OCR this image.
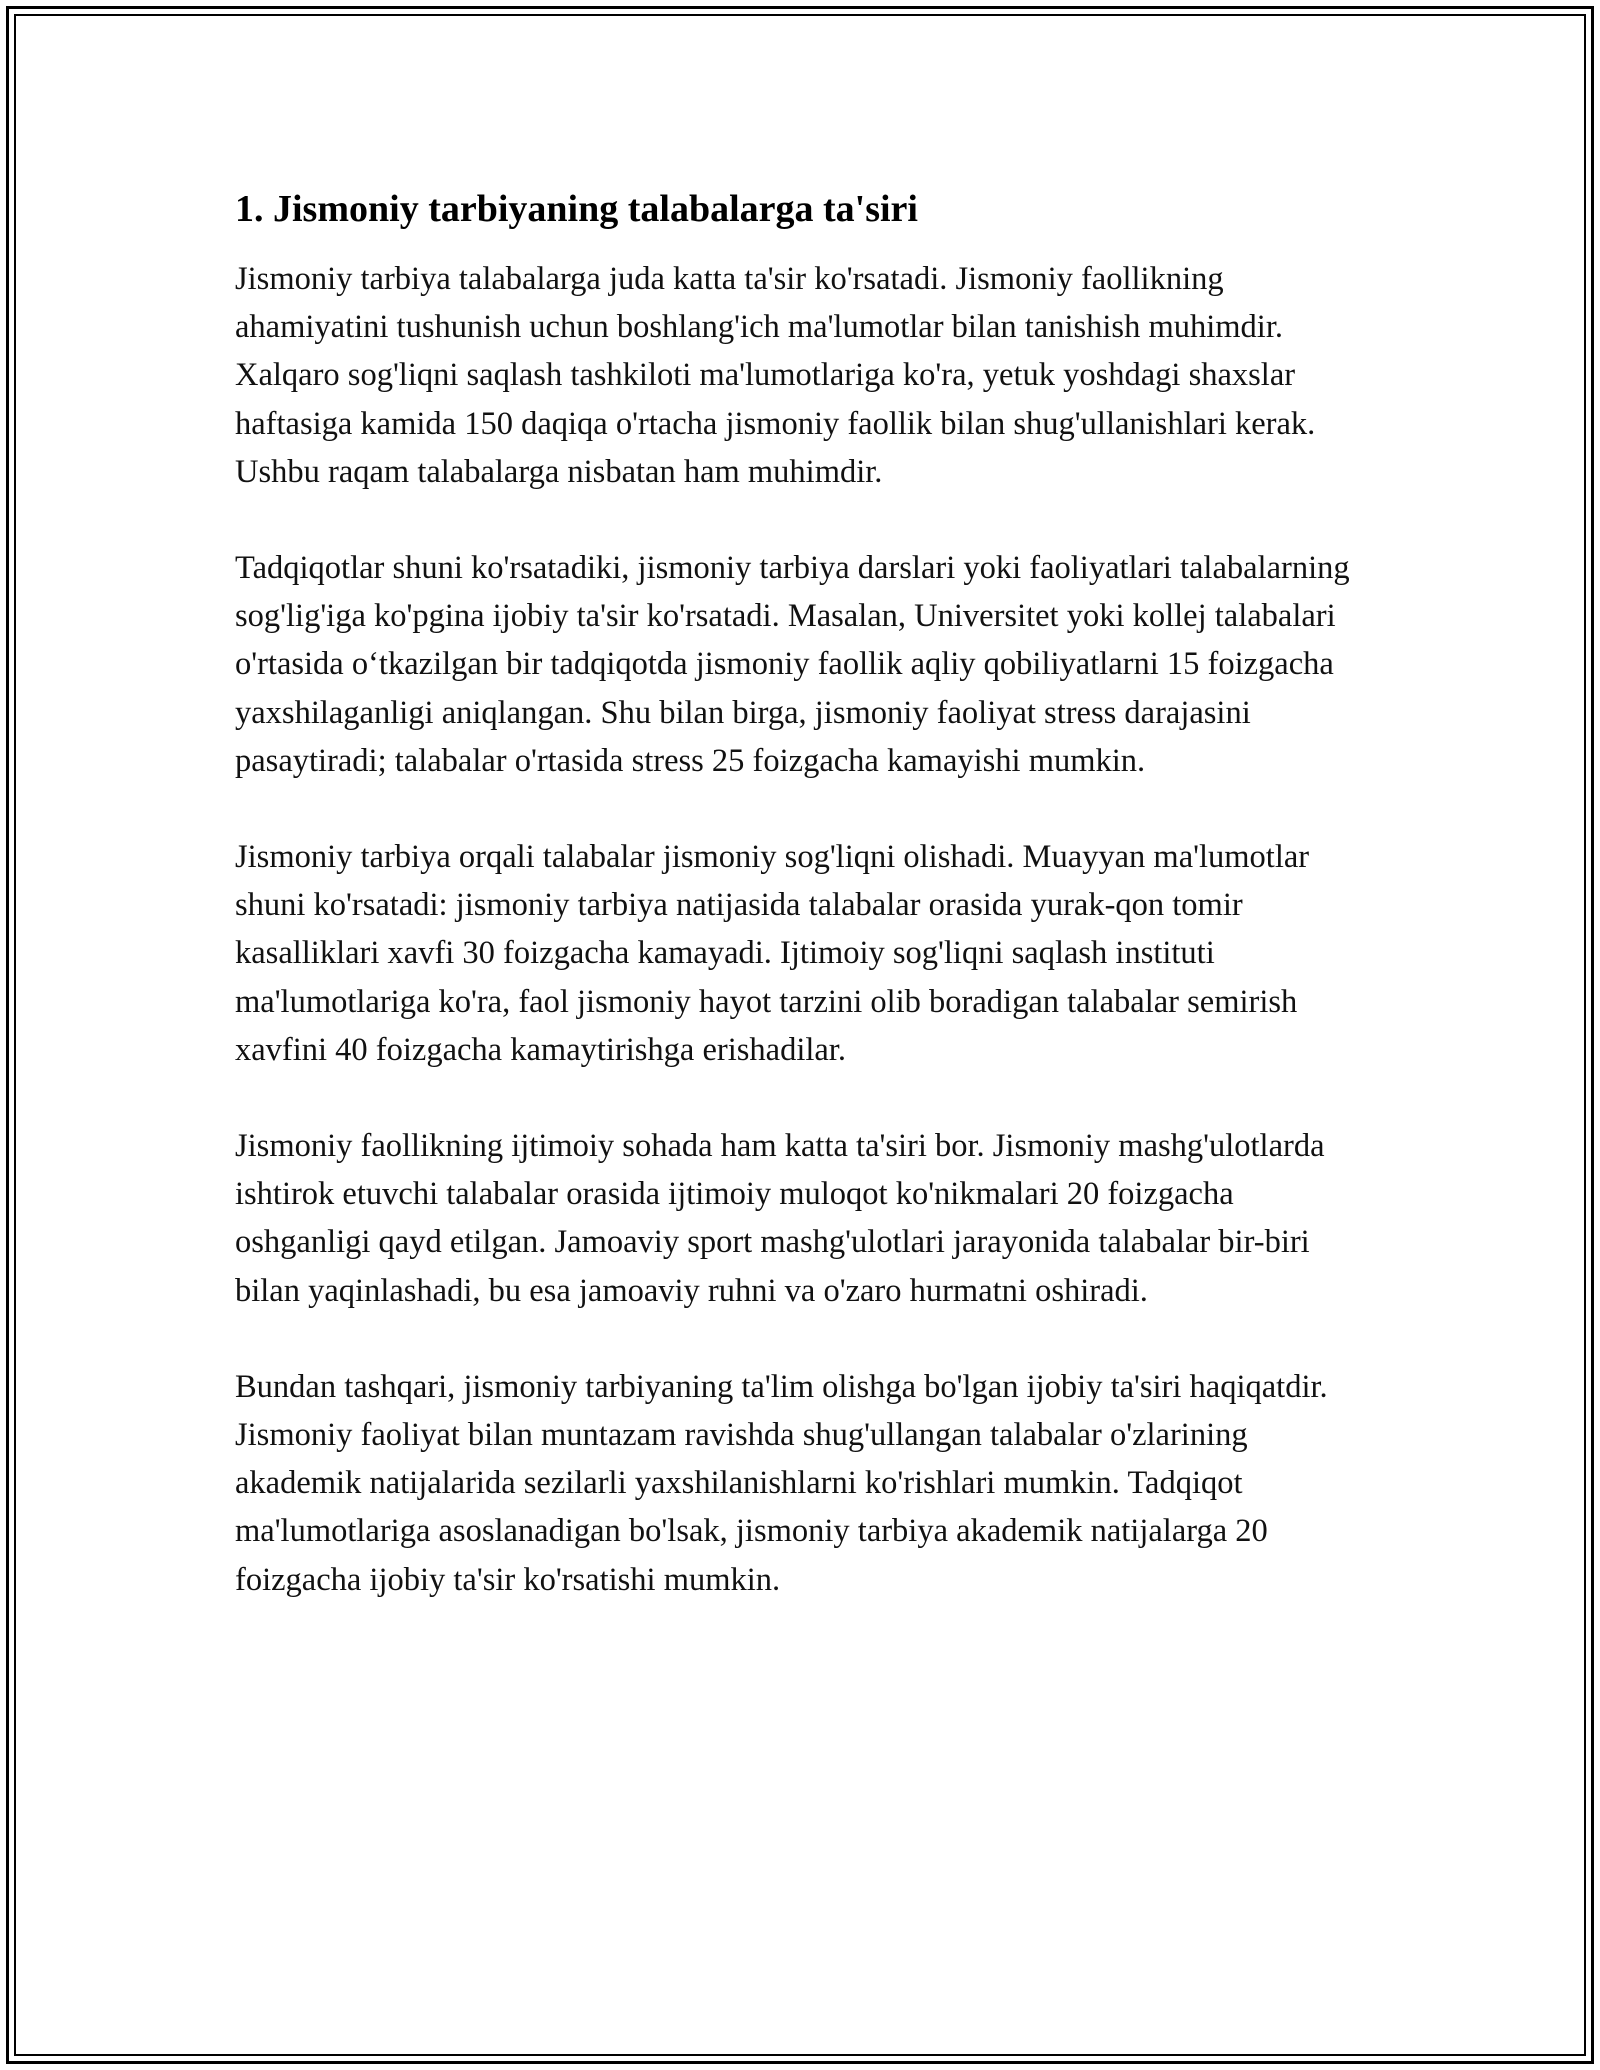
1. Jismoniy tarbiyaning talabalarga ta'siri

Jismoniy tarbiya talabalarga juda katta ta'sir ko'rsatadi. Jismoniy faollikning ahamiyatini tushunish uchun boshlang'ich ma'lumotlar bilan tanishish muhimdir. Xalqaro sog'liqni saqlash tashkiloti ma'lumotlariga ko'ra, yetuk yoshdagi shaxslar haftasiga kamida 150 daqiqa o'rtacha jismoniy faollik bilan shug'ullanishlari kerak. Ushbu raqam talabalarga nisbatan ham muhimdir.

Tadqiqotlar shuni ko'rsatadiki, jismoniy tarbiya darslari yoki faoliyatlari talabalarning sog'lig'iga ko'pgina ijobiy ta'sir ko'rsatadi. Masalan, Universitet yoki kollej talabalari o'rtasida o‘tkazilgan bir tadqiqotda jismoniy faollik aqliy qobiliyatlarni 15 foizgacha yaxshilaganligi aniqlangan. Shu bilan birga, jismoniy faoliyat stress darajasini pasaytiradi; talabalar o'rtasida stress 25 foizgacha kamayishi mumkin.

Jismoniy tarbiya orqali talabalar jismoniy sog'liqni olishadi. Muayyan ma'lumotlar shuni ko'rsatadi: jismoniy tarbiya natijasida talabalar orasida yurak-qon tomir kasalliklari xavfi 30 foizgacha kamayadi. Ijtimoiy sog'liqni saqlash instituti ma'lumotlariga ko'ra, faol jismoniy hayot tarzini olib boradigan talabalar semirish xavfini 40 foizgacha kamaytirishga erishadilar.

Jismoniy faollikning ijtimoiy sohada ham katta ta'siri bor. Jismoniy mashg'ulotlarda ishtirok etuvchi talabalar orasida ijtimoiy muloqot ko'nikmalari 20 foizgacha oshganligi qayd etilgan. Jamoaviy sport mashg'ulotlari jarayonida talabalar bir-biri bilan yaqinlashadi, bu esa jamoaviy ruhni va o'zaro hurmatni oshiradi.

Bundan tashqari, jismoniy tarbiyaning ta'lim olishga bo'lgan ijobiy ta'siri haqiqatdir. Jismoniy faoliyat bilan muntazam ravishda shug'ullangan talabalar o'zlarining akademik natijalarida sezilarli yaxshilanishlarni ko'rishlari mumkin. Tadqiqot ma'lumotlariga asoslanadigan bo'lsak, jismoniy tarbiya akademik natijalarga 20 foizgacha ijobiy ta'sir ko'rsatishi mumkin.
